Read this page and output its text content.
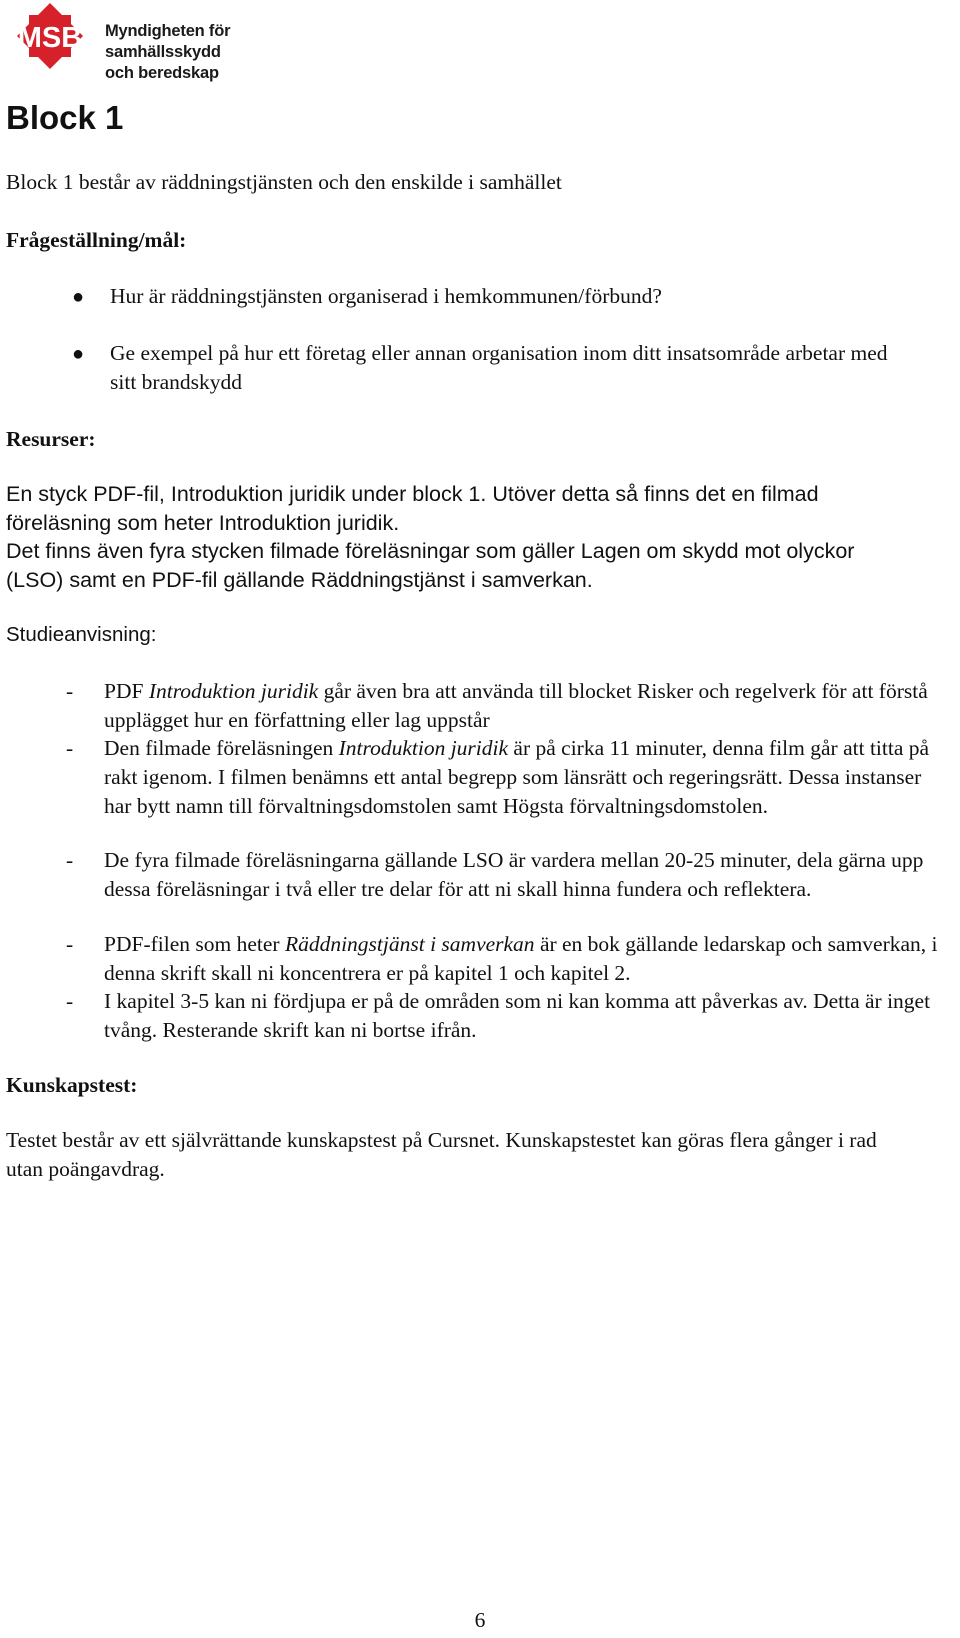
MSB Myndigheten för
samhällsskydd
och beredskap
Block 1
Block 1 består av räddningstjänsten och den enskilde i samhället
Frågeställning/mål:
● Hur är räddningstjänsten organiserad i hemkommunen/förbund?
● Ge exempel på hur ett företag eller annan organisation inom ditt insatsområde arbetar med sitt brandskydd
Resurser:
En styck PDF-fil, Introduktion juridik under block 1. Utöver detta så finns det en filmad föreläsning som heter Introduktion juridik.
Det finns även fyra stycken filmade föreläsningar som gäller Lagen om skydd mot olyckor (LSO) samt en PDF-fil gällande Räddningstjänst i samverkan.
Studieanvisning:
- PDF Introduktion juridik går även bra att använda till blocket Risker och regelverk för att förstå upplägget hur en författning eller lag uppstår
- Den filmade föreläsningen Introduktion juridik är på cirka 11 minuter, denna film går att titta på rakt igenom. I filmen benämns ett antal begrepp som länsrätt och regeringsrätt. Dessa instanser har bytt namn till förvaltningsdomstolen samt Högsta förvaltningsdomstolen.
- De fyra filmade föreläsningarna gällande LSO är vardera mellan 20-25 minuter, dela gärna upp dessa föreläsningar i två eller tre delar för att ni skall hinna fundera och reflektera.
- PDF-filen som heter Räddningstjänst i samverkan är en bok gällande ledarskap och samverkan, i denna skrift skall ni koncentrera er på kapitel 1 och kapitel 2.
- I kapitel 3-5 kan ni fördjupa er på de områden som ni kan komma att påverkas av. Detta är inget tvång. Resterande skrift kan ni bortse ifrån.
Kunskapstest:
Testet består av ett självrättande kunskapstest på Cursnet. Kunskapstestet kan göras flera gånger i rad utan poängavdrag.
6
